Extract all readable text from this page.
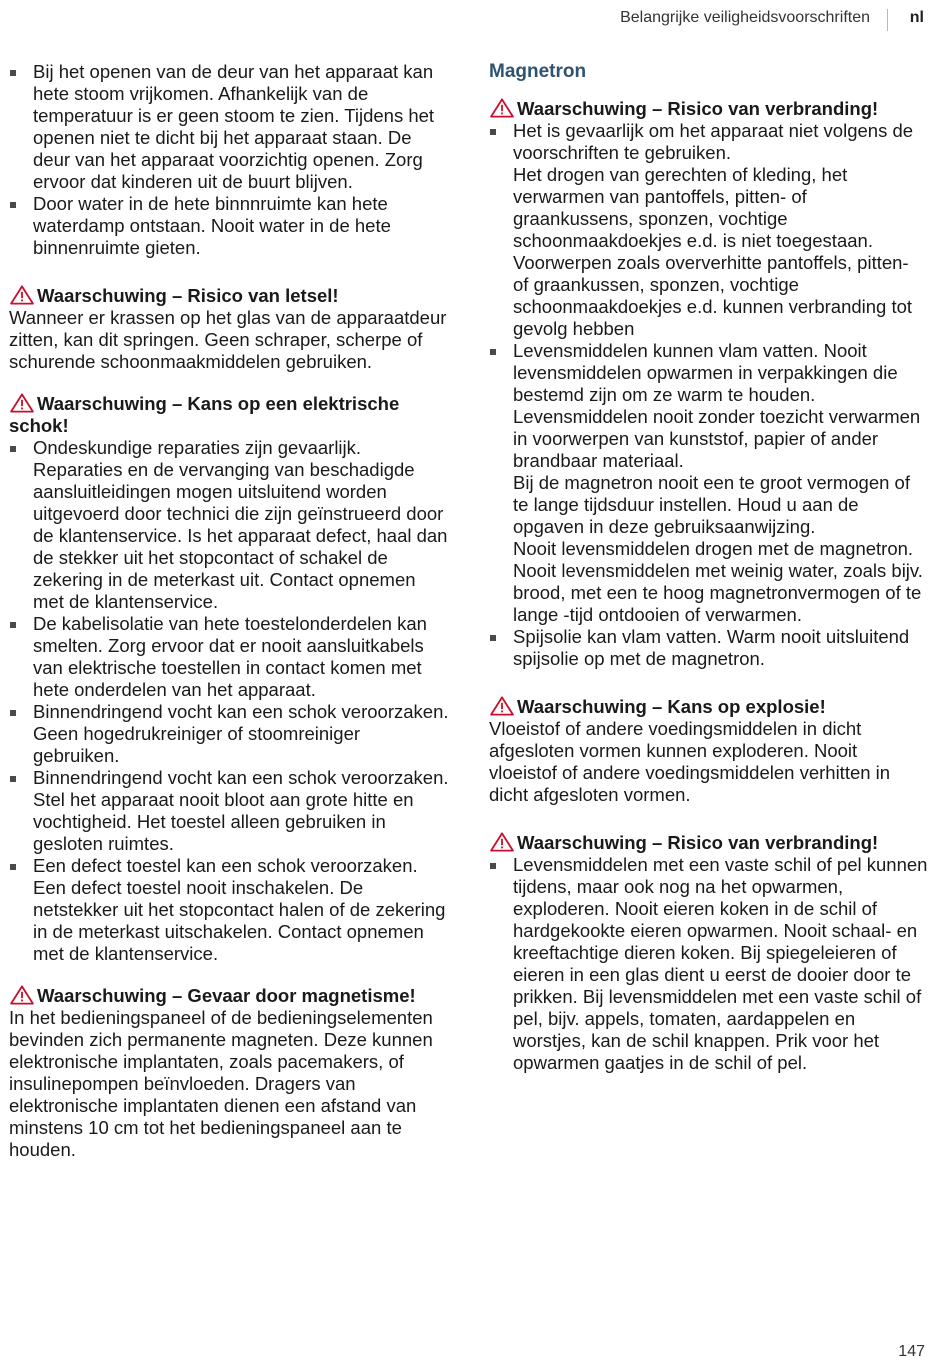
Belangrijke veiligheidsvoorschriften nl
Bij het openen van de deur van het apparaat kan hete stoom vrijkomen. Afhankelijk van de temperatuur is er geen stoom te zien. Tijdens het openen niet te dicht bij het apparaat staan. De deur van het apparaat voorzichtig openen. Zorg ervoor dat kinderen uit de buurt blijven.
Door water in de hete binnnruimte kan hete waterdamp ontstaan. Nooit water in de hete binnenruimte gieten.
Waarschuwing – Risico van letsel!

Wanneer er krassen op het glas van de apparaatdeur zitten, kan dit springen. Geen schraper, scherpe of schurende schoonmaakmiddelen gebruiken.

Waarschuwing – Kans op een elektrische schok!
Ondeskundige reparaties zijn gevaarlijk. Reparaties en de vervanging van beschadigde aansluitleidingen mogen uitsluitend worden uitgevoerd door technici die zijn geïnstrueerd door de klantenservice. Is het apparaat defect, haal dan de stekker uit het stopcontact of schakel de zekering in de meterkast uit. Contact opnemen met de klantenservice.
De kabelisolatie van hete toestelonderdelen kan smelten. Zorg ervoor dat er nooit aansluitkabels van elektrische toestellen in contact komen met hete onderdelen van het apparaat.
Binnendringend vocht kan een schok veroorzaken. Geen hogedrukreiniger of stoomreiniger gebruiken.
Binnendringend vocht kan een schok veroorzaken. Stel het apparaat nooit bloot aan grote hitte en vochtigheid. Het toestel alleen gebruiken in gesloten ruimtes.
Een defect toestel kan een schok veroorzaken. Een defect toestel nooit inschakelen. De netstekker uit het stopcontact halen of de zekering in de meterkast uitschakelen. Contact opnemen met de klantenservice.
Waarschuwing – Gevaar door magnetisme!

In het bedieningspaneel of de bedieningselementen bevinden zich permanente magneten. Deze kunnen elektronische implantaten, zoals pacemakers, of insulinepompen beïnvloeden. Dragers van elektronische implantaten dienen een afstand van minstens 10 cm tot het bedieningspaneel aan te houden.

Magnetron
Waarschuwing – Risico van verbranding!
Het is gevaarlijk om het apparaat niet volgens de voorschriften te gebruiken.
Het drogen van gerechten of kleding, het verwarmen van pantoffels, pitten- of graankussens, sponzen, vochtige schoonmaakdoekjes e.d. is niet toegestaan. Voorwerpen zoals oververhitte pantoffels, pitten- of graankussen, sponzen, vochtige schoonmaakdoekjes e.d. kunnen verbranding tot gevolg hebben
Levensmiddelen kunnen vlam vatten. Nooit levensmiddelen opwarmen in verpakkingen die bestemd zijn om ze warm te houden.
Levensmiddelen nooit zonder toezicht verwarmen in voorwerpen van kunststof, papier of ander brandbaar materiaal.
Bij de magnetron nooit een te groot vermogen of te lange tijdsduur instellen. Houd u aan de opgaven in deze gebruiksaanwijzing.
Nooit levensmiddelen drogen met de magnetron.
Nooit levensmiddelen met weinig water, zoals bijv. brood, met een te hoog magnetronvermogen of te lange -tijd ontdooien of verwarmen.
Spijsolie kan vlam vatten. Warm nooit uitsluitend spijsolie op met de magnetron.
Waarschuwing – Kans op explosie!

Vloeistof of andere voedingsmiddelen in dicht afgesloten vormen kunnen exploderen. Nooit vloeistof of andere voedingsmiddelen verhitten in dicht afgesloten vormen.

Waarschuwing – Risico van verbranding!
Levensmiddelen met een vaste schil of pel kunnen tijdens, maar ook nog na het opwarmen, exploderen. Nooit eieren koken in de schil of hardgekookte eieren opwarmen. Nooit schaal- en kreeftachtige dieren koken. Bij spiegeleieren of eieren in een glas dient u eerst de dooier door te prikken. Bij levensmiddelen met een vaste schil of pel, bijv. appels, tomaten, aardappelen en worstjes, kan de schil knappen. Prik voor het opwarmen gaatjes in de schil of pel.
147
